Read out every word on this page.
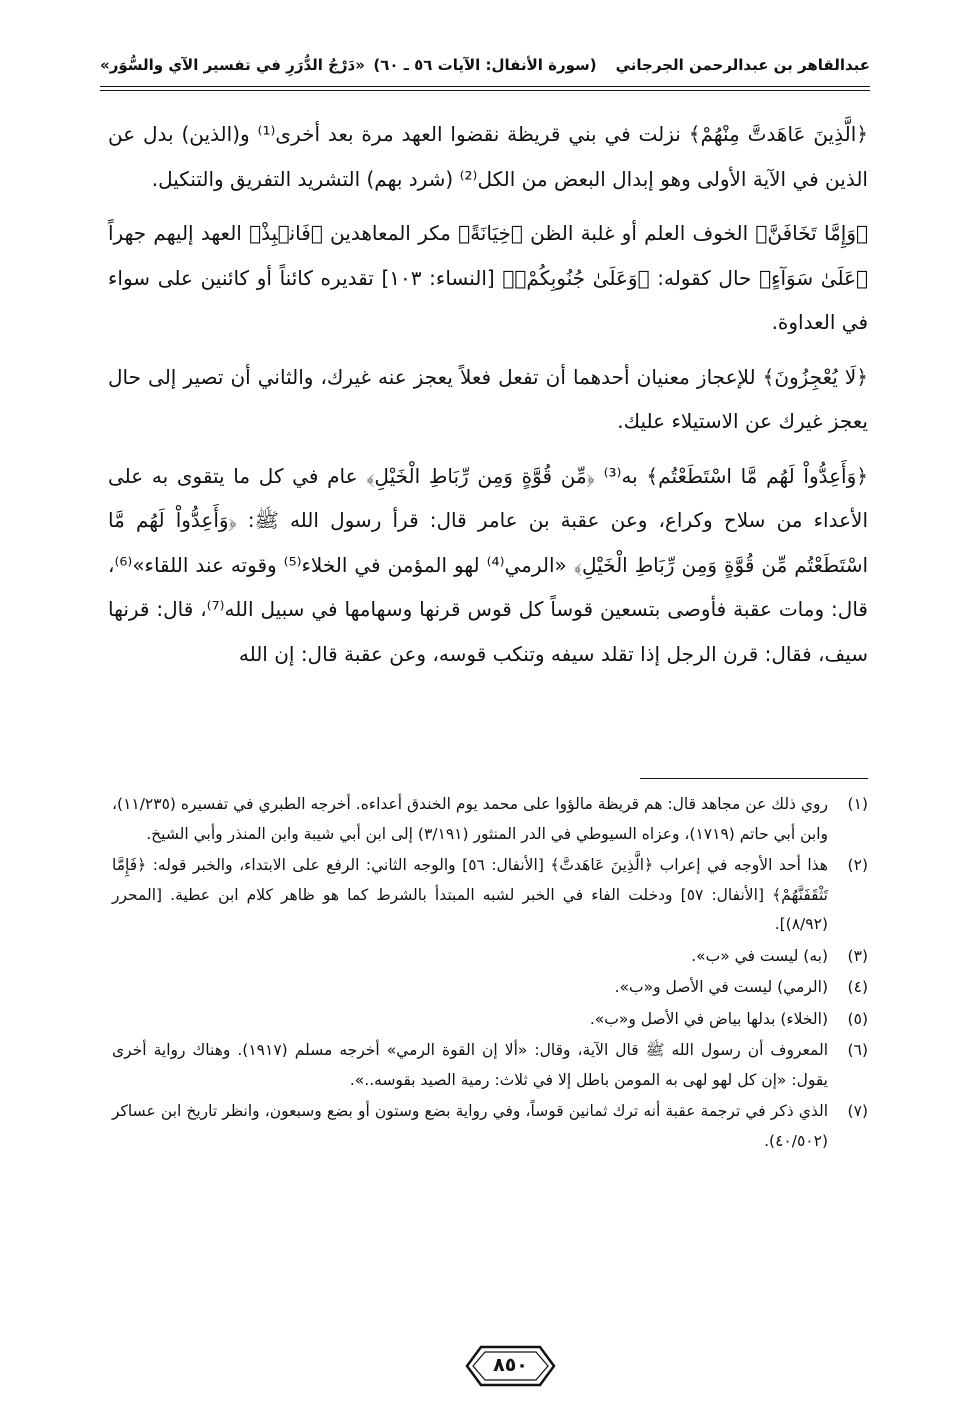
عبدالقاهر بن عبدالرحمن الجرجاني
(سورة الأنفال: الآيات ٥٦ ـ ٦٠)
«دَرْجُ الدُّرَرِ في تفسير الآي والسُّوَر»

﴿الَّذِينَ عَاهَدتَّ مِنْهُمْ﴾ نزلت في بني قريظة نقضوا العهد مرة بعد أخرى⁽¹⁾ و(الذين) بدل عن الذين في الآية الأولى وهو إبدال البعض من الكل⁽²⁾ (شرد بهم) التشريد التفريق والتنكيل.

﴿وَإِمَّا تَخَافَنَّ﴾ الخوف العلم أو غلبة الظن ﴿خِيَانَةً﴾ مكر المعاهدين ﴿فَانۢبِذْ﴾ العهد إليهم جهراً ﴿عَلَىٰ سَوَآءٍ﴾ حال كقوله: ﴿وَعَلَىٰ جُنُوبِكُمْۚ﴾ [النساء: ١٠٣] تقديره كائناً أو كائنين على سواء في العداوة.

﴿لَا يُعْجِزُونَ﴾ للإعجاز معنيان أحدهما أن تفعل فعلاً يعجز عنه غيرك، والثاني أن تصير إلى حال يعجز غيرك عن الاستيلاء عليك.

﴿وَأَعِدُّواْ لَهُم مَّا اسْتَطَعْتُم﴾ به⁽³⁾ ﴿مِّن قُوَّةٍ وَمِن رِّبَاطِ الْخَيْلِ﴾ عام في كل ما يتقوى به على الأعداء من سلاح وكراع، وعن عقبة بن عامر قال: قرأ رسول الله ﷺ: ﴿وَأَعِدُّواْ لَهُم مَّا اسْتَطَعْتُم مِّن قُوَّةٍ وَمِن رِّبَاطِ الْخَيْلِ﴾ «الرمي⁽⁴⁾ لهو المؤمن في الخلاء⁽⁵⁾ وقوته عند اللقاء»⁽⁶⁾، قال: ومات عقبة فأوصى بتسعين قوساً كل قوس قرنها وسهامها في سبيل الله⁽⁷⁾، قال: قرنها سيف، فقال: قرن الرجل إذا تقلد سيفه وتنكب قوسه، وعن عقبة قال: إن الله

(١)
روي ذلك عن مجاهد قال: هم قريظة مالؤوا على محمد يوم الخندق أعداءه. أخرجه الطبري في تفسيره (١١/٢٣٥)، وابن أبي حاتم (١٧١٩)، وعزاه السيوطي في الدر المنثور (٣/١٩١) إلى ابن أبي شيبة وابن المنذر وأبي الشيخ.
(٢)
هذا أحد الأوجه في إعراب ﴿الَّذِينَ عَاهَدتَّ﴾ [الأنفال: ٥٦] والوجه الثاني: الرفع على الابتداء، والخبر قوله: ﴿فَإِمَّا تَثْقَفَنَّهُمْ﴾ [الأنفال: ٥٧] ودخلت الفاء في الخبر لشبه المبتدأ بالشرط كما هو ظاهر كلام ابن عطية. [المحرر (٨/٩٢)].
(٣)
(به) ليست في «ب».
(٤)
(الرمي) ليست في الأصل و«ب».
(٥)
(الخلاء) بدلها بياض في الأصل و«ب».
(٦)
المعروف أن رسول الله ﷺ قال الآية، وقال: «ألا إن القوة الرمي» أخرجه مسلم (١٩١٧). وهناك رواية أخرى يقول: «إن كل لهو لهى به المومن باطل إلا في ثلاث: رمية الصيد بقوسه..».
(٧)
الذي ذكر في ترجمة عقبة أنه ترك ثمانين قوساً، وفي رواية بضع وستون أو بضع وسبعون، وانظر تاريخ ابن عساكر (٤٠/٥٠٢).
٨٥٠
